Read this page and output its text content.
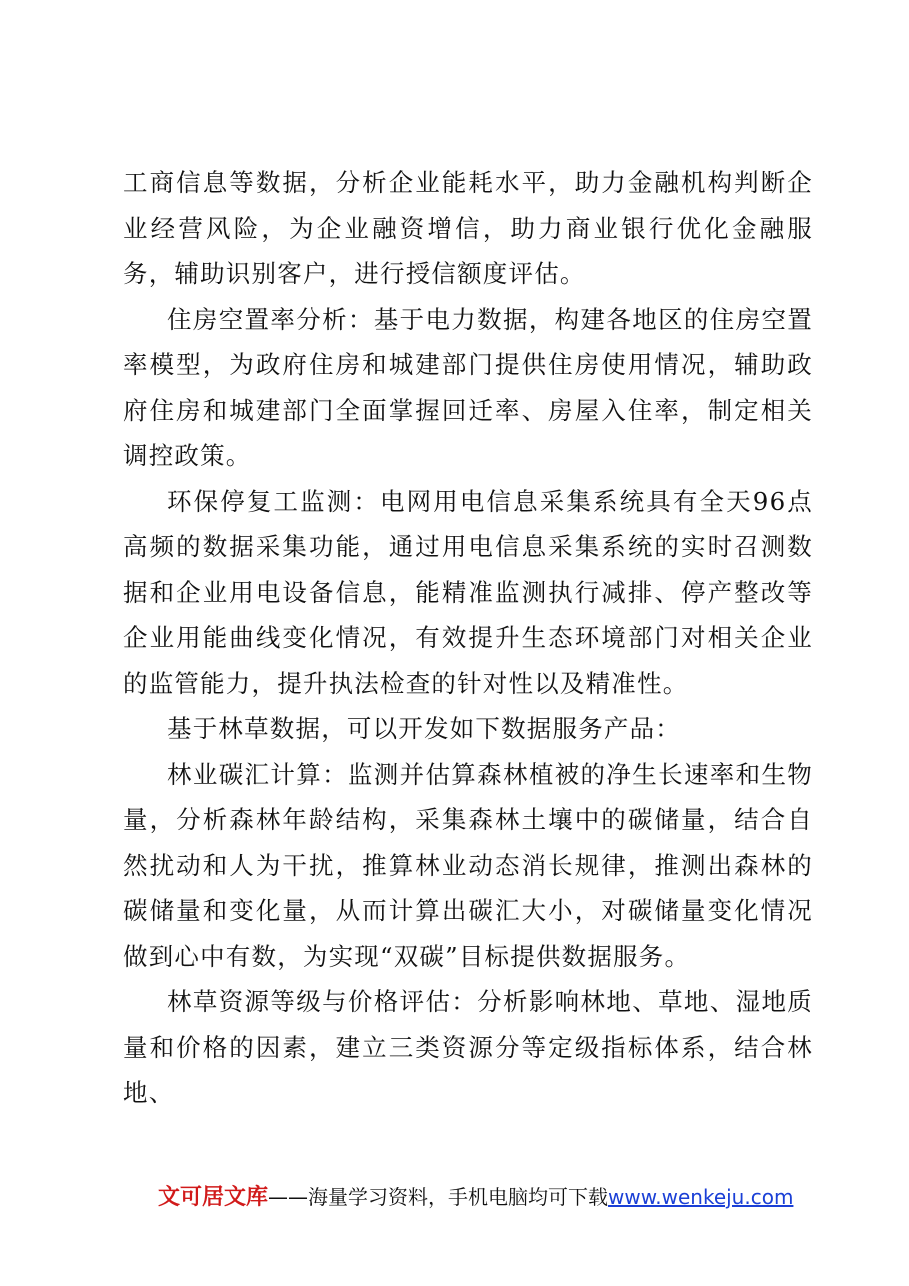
工商信息等数据，分析企业能耗水平，助力金融机构判断企业经营风险，为企业融资增信，助力商业银行优化金融服务，辅助识别客户，进行授信额度评估。

住房空置率分析：基于电力数据，构建各地区的住房空置率模型，为政府住房和城建部门提供住房使用情况，辅助政府住房和城建部门全面掌握回迁率、房屋入住率，制定相关调控政策。

环保停复工监测：电网用电信息采集系统具有全天96点高频的数据采集功能，通过用电信息采集系统的实时召测数据和企业用电设备信息，能精准监测执行减排、停产整改等企业用能曲线变化情况，有效提升生态环境部门对相关企业的监管能力，提升执法检查的针对性以及精准性。

基于林草数据，可以开发如下数据服务产品：

林业碳汇计算：监测并估算森林植被的净生长速率和生物量，分析森林年龄结构，采集森林土壤中的碳储量，结合自然扰动和人为干扰，推算林业动态消长规律，推测出森林的碳储量和变化量，从而计算出碳汇大小，对碳储量变化情况做到心中有数，为实现“双碳”目标提供数据服务。

林草资源等级与价格评估：分析影响林地、草地、湿地质量和价格的因素，建立三类资源分等定级指标体系，结合林地、

文可居文库——海量学习资料，手机电脑均可下载www.wenkeju.com
